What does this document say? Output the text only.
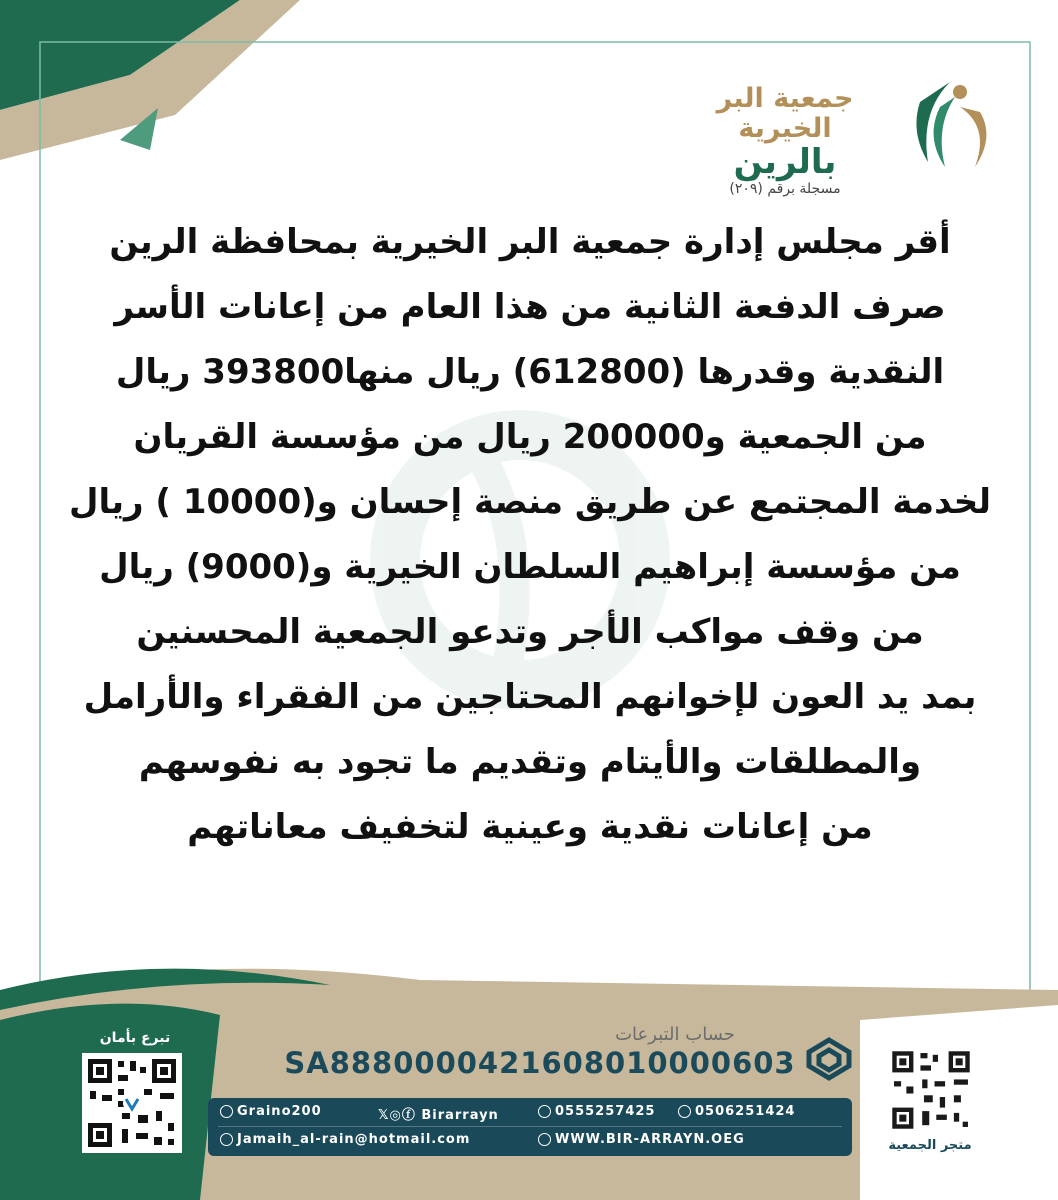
جمعية البر الخيرية
بالرين
مسجلة برقم (٢٠٩)
أقر مجلس إدارة جمعية البر الخيرية بمحافظة الرين
صرف الدفعة الثانية من هذا العام من إعانات الأسر
النقدية وقدرها (612800) ريال منها393800 ريال
من الجمعية و200000 ريال من مؤسسة القريان
لخدمة المجتمع عن طريق منصة إحسان و(10000 ) ريال
من مؤسسة إبراهيم السلطان الخيرية و(9000) ريال
من وقف مواكب الأجر وتدعو الجمعية المحسنين
بمد يد العون لإخوانهم المحتاجين من الفقراء والأرامل
والمطلقات والأيتام وتقديم ما تجود به نفوسهم
من إعانات نقدية وعينية لتخفيف معاناتهم
حساب التبرعات
SA8880000421608010000603
Graino200	𝕏◎ⓕ Birarrayn	0555257425	0506251424
Jamaih_al-rain@hotmail.com	WWW.BIR-ARRAYN.OEG
تبرع بأمان
متجر الجمعية
